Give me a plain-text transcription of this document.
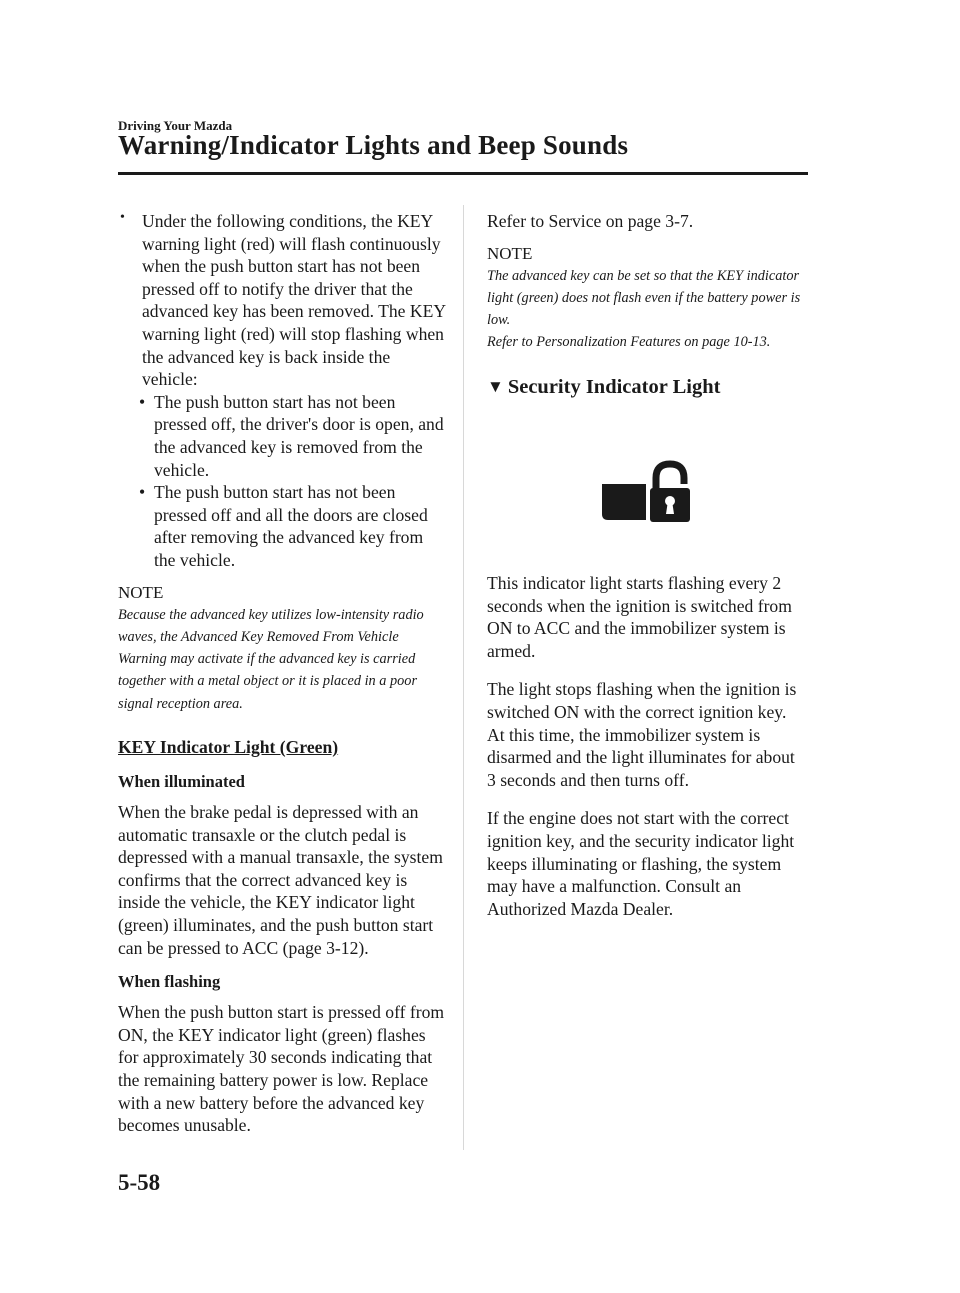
Driving Your Mazda
Warning/Indicator Lights and Beep Sounds
• Under the following conditions, the KEY warning light (red) will flash continuously when the push button start has not been pressed off to notify the driver that the advanced key has been removed. The KEY warning light (red) will stop flashing when the advanced key is back inside the vehicle:

• The push button start has not been pressed off, the driver's door is open, and the advanced key is removed from the vehicle.

• The push button start has not been pressed off and all the doors are closed after removing the advanced key from the vehicle.

NOTE

Because the advanced key utilizes low-intensity radio waves, the Advanced Key Removed From Vehicle Warning may activate if the advanced key is carried together with a metal object or it is placed in a poor signal reception area.

KEY Indicator Light (Green)

When illuminated

When the brake pedal is depressed with an automatic transaxle or the clutch pedal is depressed with a manual transaxle, the system confirms that the correct advanced key is inside the vehicle, the KEY indicator light (green) illuminates, and the push button start can be pressed to ACC (page 3-12).

When flashing

When the push button start is pressed off from ON, the KEY indicator light (green) flashes for approximately 30 seconds indicating that the remaining battery power is low. Replace with a new battery before the advanced key becomes unusable.

Refer to Service on page 3-7.

NOTE

The advanced key can be set so that the KEY indicator light (green) does not flash even if the battery power is low.

Refer to Personalization Features on page 10-13.

▼ Security Indicator Light

This indicator light starts flashing every 2 seconds when the ignition is switched from ON to ACC and the immobilizer system is armed.

The light stops flashing when the ignition is switched ON with the correct ignition key.

At this time, the immobilizer system is disarmed and the light illuminates for about 3 seconds and then turns off.

If the engine does not start with the correct ignition key, and the security indicator light keeps illuminating or flashing, the system may have a malfunction. Consult an Authorized Mazda Dealer.

5-58
